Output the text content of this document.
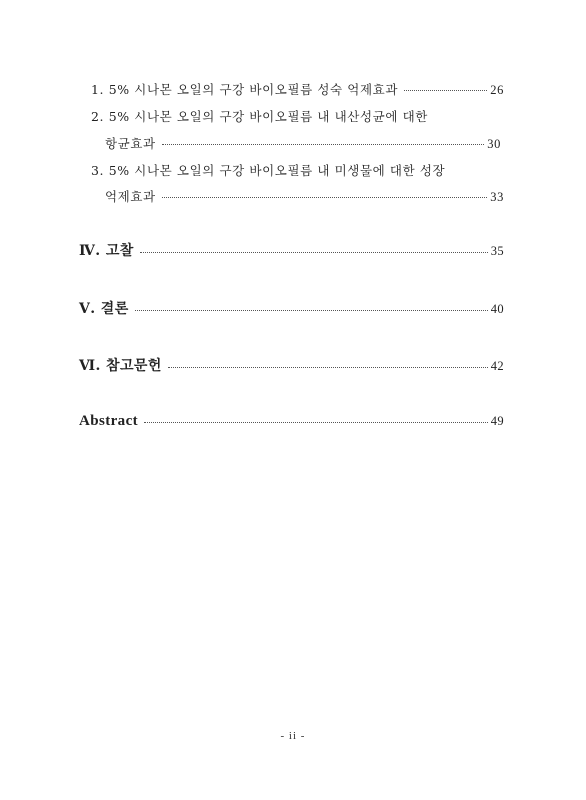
1. 5% 시나몬 오일의 구강 바이오필름 성숙 억제효과	26
2. 5% 시나몬 오일의 구강 바이오필름 내 내산성균에 대한
항균효과	30
3. 5% 시나몬 오일의 구강 바이오필름 내 미생물에 대한 성장
억제효과	33
Ⅳ. 고찰	35
Ⅴ. 결론	40
Ⅵ. 참고문헌	42
Abstract	49
- ii -
